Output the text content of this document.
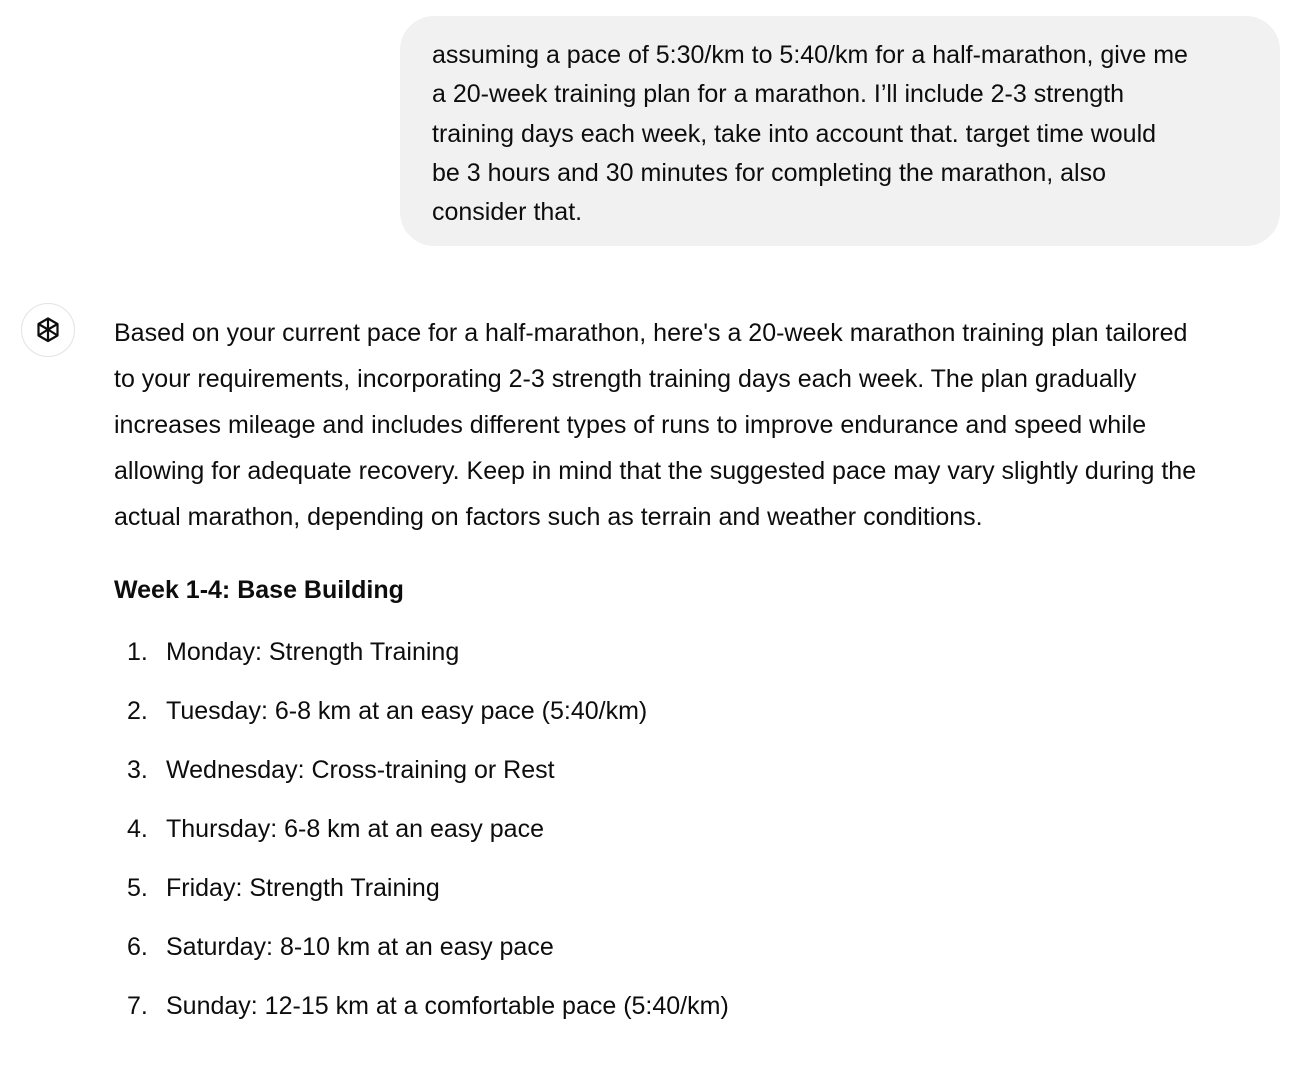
assuming a pace of 5:30/km to 5:40/km for a half-marathon, give me
a 20-week training plan for a marathon. I’ll include 2-3 strength
training days each week, take into account that. target time would
be 3 hours and 30 minutes for completing the marathon, also
consider that.

Based on your current pace for a half-marathon, here's a 20-week marathon training plan tailored
to your requirements, incorporating 2-3 strength training days each week. The plan gradually
increases mileage and includes different types of runs to improve endurance and speed while
allowing for adequate recovery. Keep in mind that the suggested pace may vary slightly during the
actual marathon, depending on factors such as terrain and weather conditions.

Week 1-4: Base Building
1. Monday: Strength Training
2. Tuesday: 6-8 km at an easy pace (5:40/km)
3. Wednesday: Cross-training or Rest
4. Thursday: 6-8 km at an easy pace
5. Friday: Strength Training
6. Saturday: 8-10 km at an easy pace
7. Sunday: 12-15 km at a comfortable pace (5:40/km)
